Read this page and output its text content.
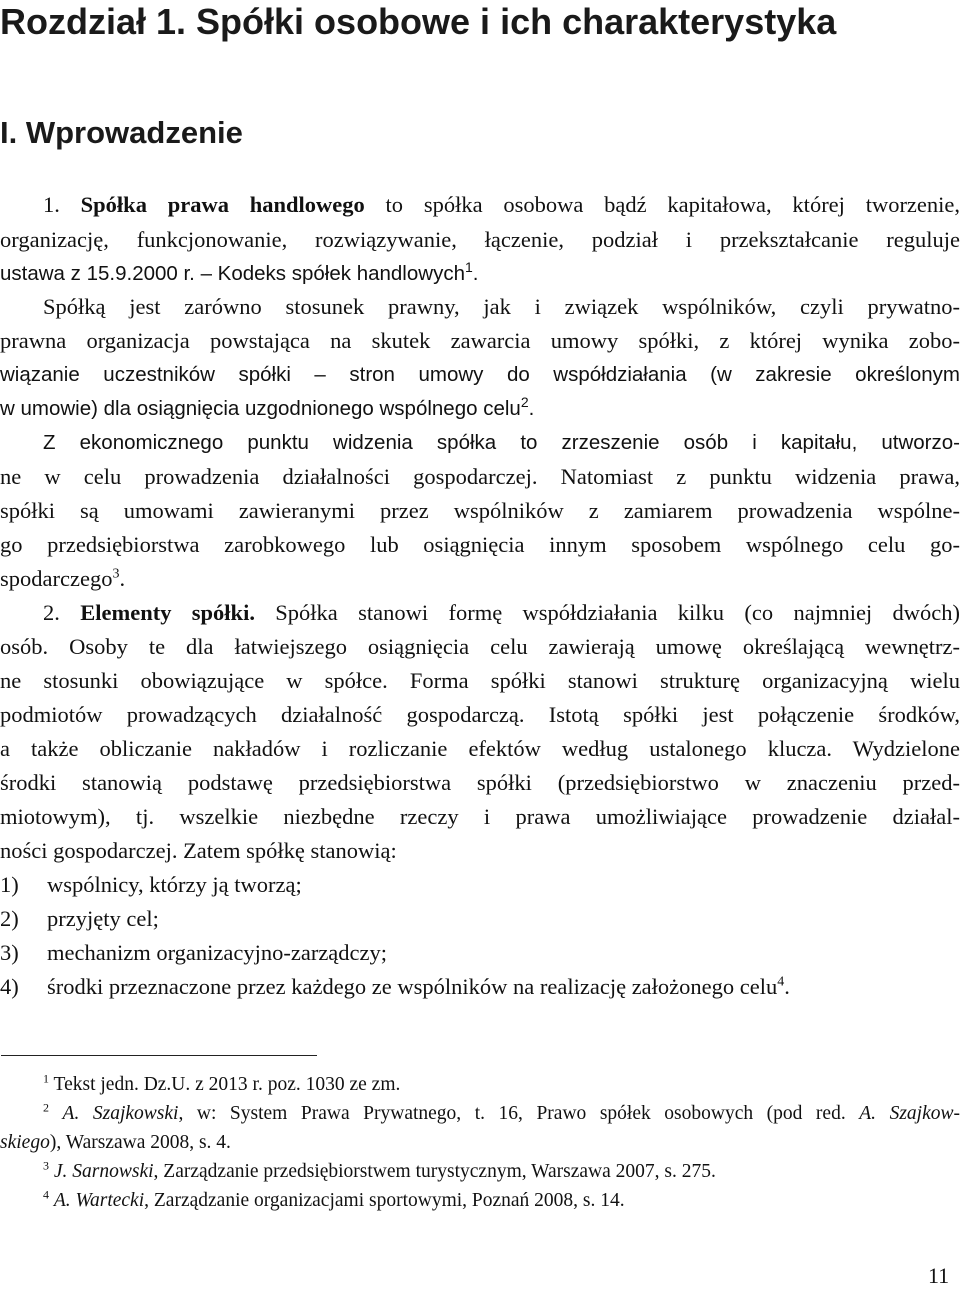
Rozdział 1. Spółki osobowe i ich charakterystyka
I. Wprowadzenie
1. Spółka prawa handlowego to spółka osobowa bądź kapitałowa, której tworzenie,
organizację, funkcjonowanie, rozwiązywanie, łączenie, podział i przekształcanie reguluje
ustawa z 15.9.2000 r. – Kodeks spółek handlowych$^1$.
Spółką jest zarówno stosunek prawny, jak i związek wspólników, czyli prywatno-
prawna organizacja powstająca na skutek zawarcia umowy spółki, z której wynika zobo-
wiązanie uczestników spółki – stron umowy do współdziałania (w zakresie określonym
w umowie) dla osiągnięcia uzgodnionego wspólnego celu$^2$.
Z ekonomicznego punktu widzenia spółka to zrzeszenie osób i kapitału, utworzo-
ne w celu prowadzenia działalności gospodarczej. Natomiast z punktu widzenia prawa,
spółki są umowami zawieranymi przez wspólników z zamiarem prowadzenia wspólne-
go przedsiębiorstwa zarobkowego lub osiągnięcia innym sposobem wspólnego celu go-
spodarczego$^3$.
2. Elementy spółki. Spółka stanowi formę współdziałania kilku (co najmniej dwóch)
osób. Osoby te dla łatwiejszego osiągnięcia celu zawierają umowę określającą wewnętrz-
ne stosunki obowiązujące w spółce. Forma spółki stanowi strukturę organizacyjną wielu
podmiotów prowadzących działalność gospodarczą. Istotą spółki jest połączenie środków,
a także obliczanie nakładów i rozliczanie efektów według ustalonego klucza. Wydzielone
środki stanowią podstawę przedsiębiorstwa spółki (przedsiębiorstwo w znaczeniu przed-
miotowym), tj. wszelkie niezbędne rzeczy i prawa umożliwiające prowadzenie działal-
ności gospodarczej. Zatem spółkę stanowią:
1) wspólnicy, którzy ją tworzą;
2) przyjęty cel;
3) mechanizm organizacyjno-zarządczy;
4) środki przeznaczone przez każdego ze wspólników na realizację założonego celu$^4$.
$^1$ Tekst jedn. Dz.U. z 2013 r. poz. 1030 ze zm.
$^2$ A. Szajkowski, w: System Prawa Prywatnego, t. 16, Prawo spółek osobowych (pod red. A. Szajkow-
skiego), Warszawa 2008, s. 4.
$^3$ J. Sarnowski, Zarządzanie przedsiębiorstwem turystycznym, Warszawa 2007, s. 275.
$^4$ A. Wartecki, Zarządzanie organizacjami sportowymi, Poznań 2008, s. 14.
11
